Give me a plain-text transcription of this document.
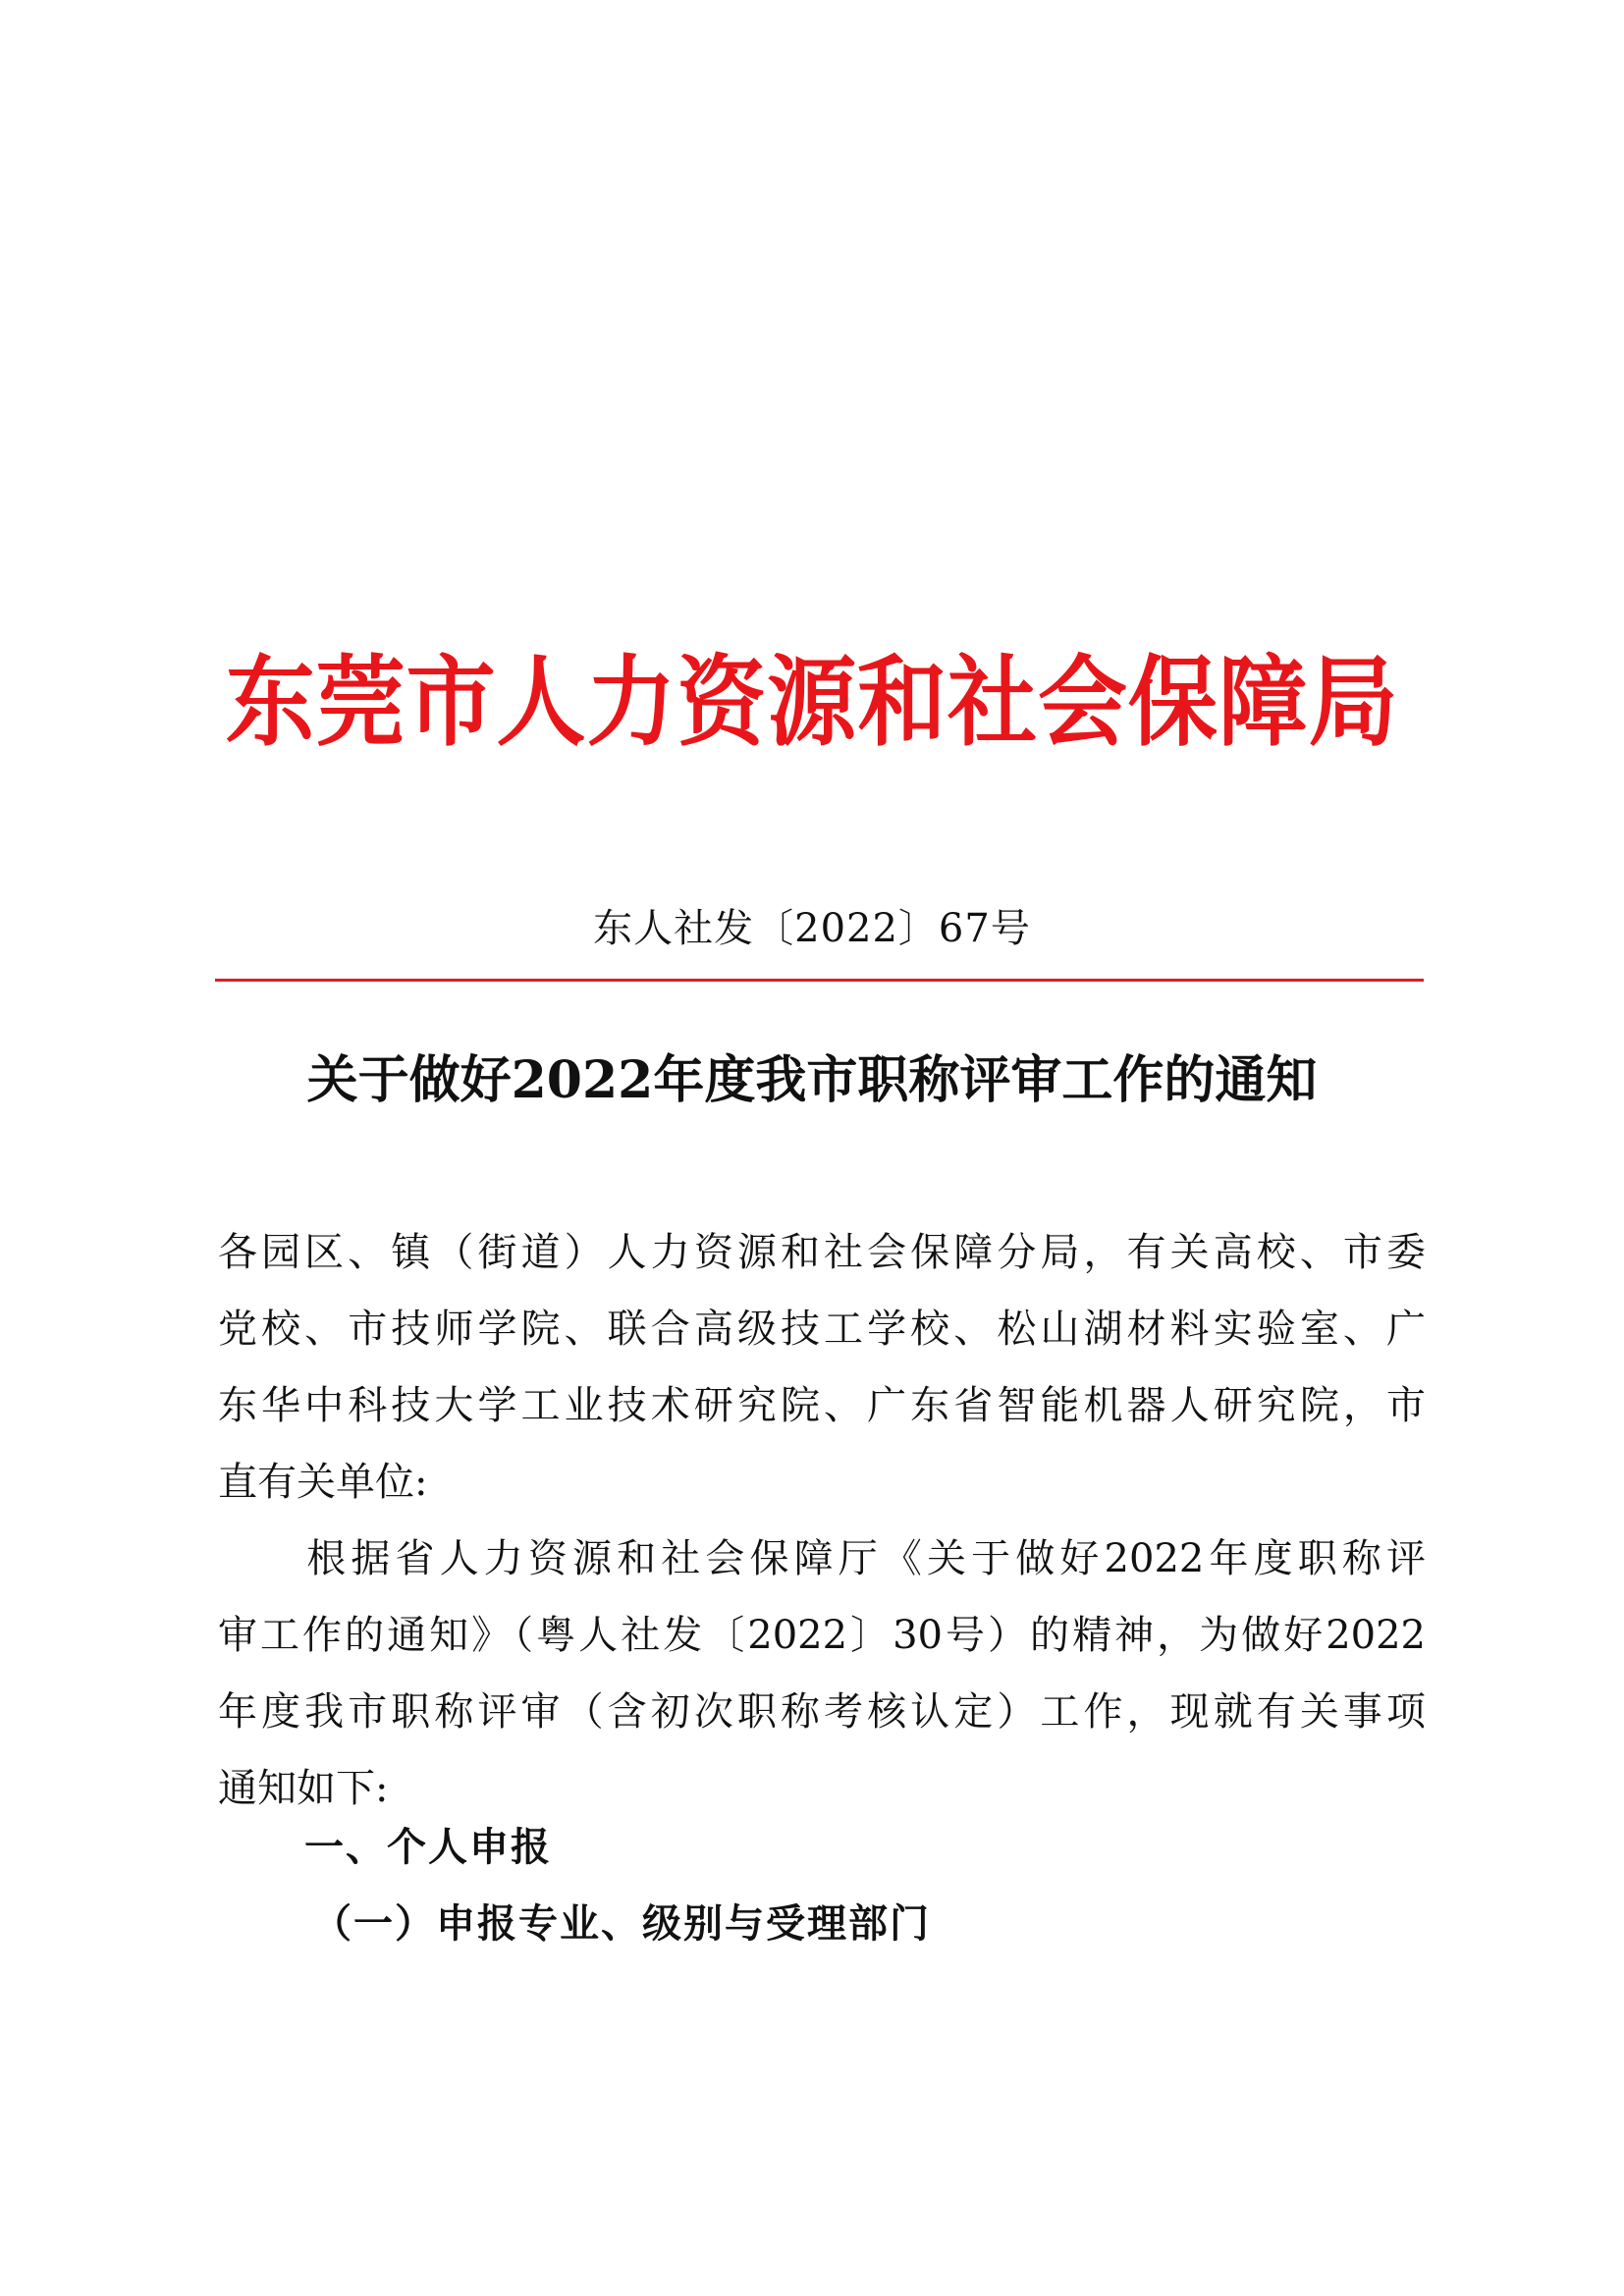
东莞市人力资源和社会保障局
东人社发〔2022〕67号
关于做好2022年度我市职称评审工作的通知
各园区、镇（街道）人力资源和社会保障分局，有关高校、市委
党校、市技师学院、联合高级技工学校、松山湖材料实验室、广
东华中科技大学工业技术研究院、广东省智能机器人研究院，市
直有关单位:
　　根据省人力资源和社会保障厅《关于做好2022年度职称评
审工作的通知》（粤人社发〔2022〕30号）的精神，为做好2022
年度我市职称评审（含初次职称考核认定）工作，现就有关事项
通知如下:
一、个人申报
（一）申报专业、级别与受理部门
